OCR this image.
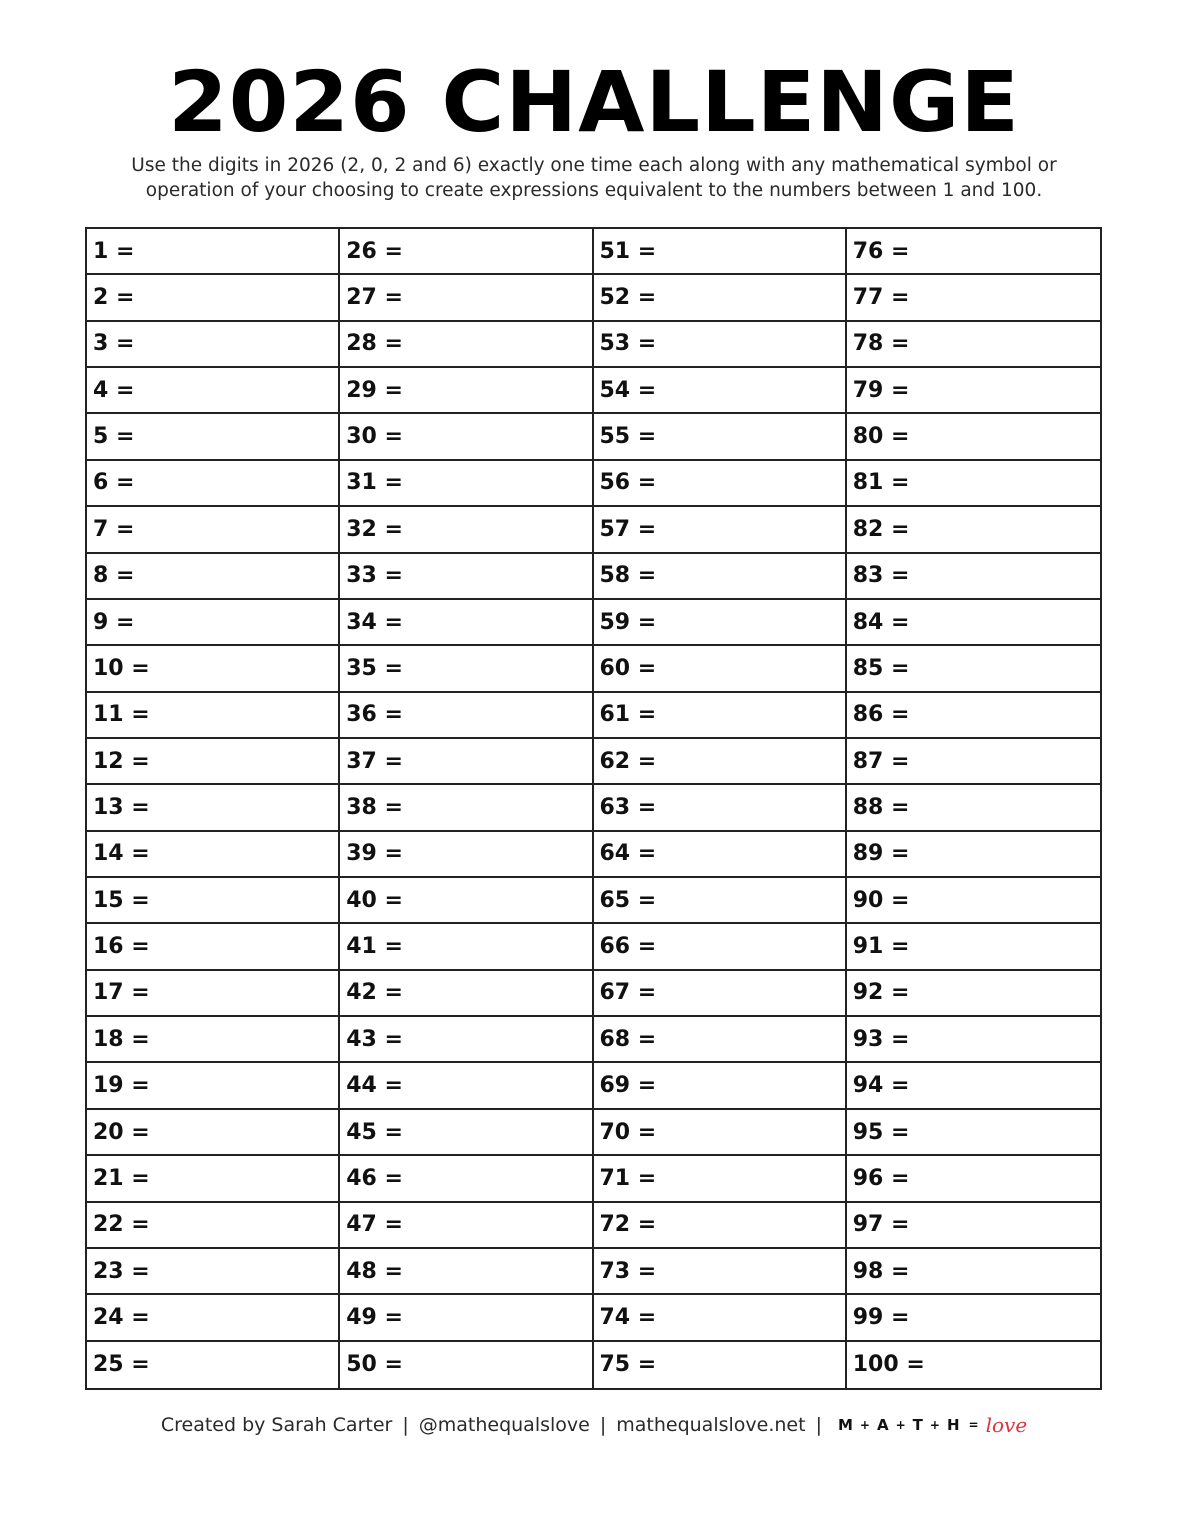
2026 CHALLENGE
Use the digits in 2026 (2, 0, 2 and 6) exactly one time each along with any mathematical symbol or
operation of your choosing to create expressions equivalent to the numbers between 1 and 100.
1 =
2 =
3 =
4 =
5 =
6 =
7 =
8 =
9 =
10 =
11 =
12 =
13 =
14 =
15 =
16 =
17 =
18 =
19 =
20 =
21 =
22 =
23 =
24 =
25 =
26 =
27 =
28 =
29 =
30 =
31 =
32 =
33 =
34 =
35 =
36 =
37 =
38 =
39 =
40 =
41 =
42 =
43 =
44 =
45 =
46 =
47 =
48 =
49 =
50 =
51 =
52 =
53 =
54 =
55 =
56 =
57 =
58 =
59 =
60 =
61 =
62 =
63 =
64 =
65 =
66 =
67 =
68 =
69 =
70 =
71 =
72 =
73 =
74 =
75 =
76 =
77 =
78 =
79 =
80 =
81 =
82 =
83 =
84 =
85 =
86 =
87 =
88 =
89 =
90 =
91 =
92 =
93 =
94 =
95 =
96 =
97 =
98 =
99 =
100 =
Created by Sarah Carter | @mathequalslove | mathequalslove.net | M + A + T + H = love
